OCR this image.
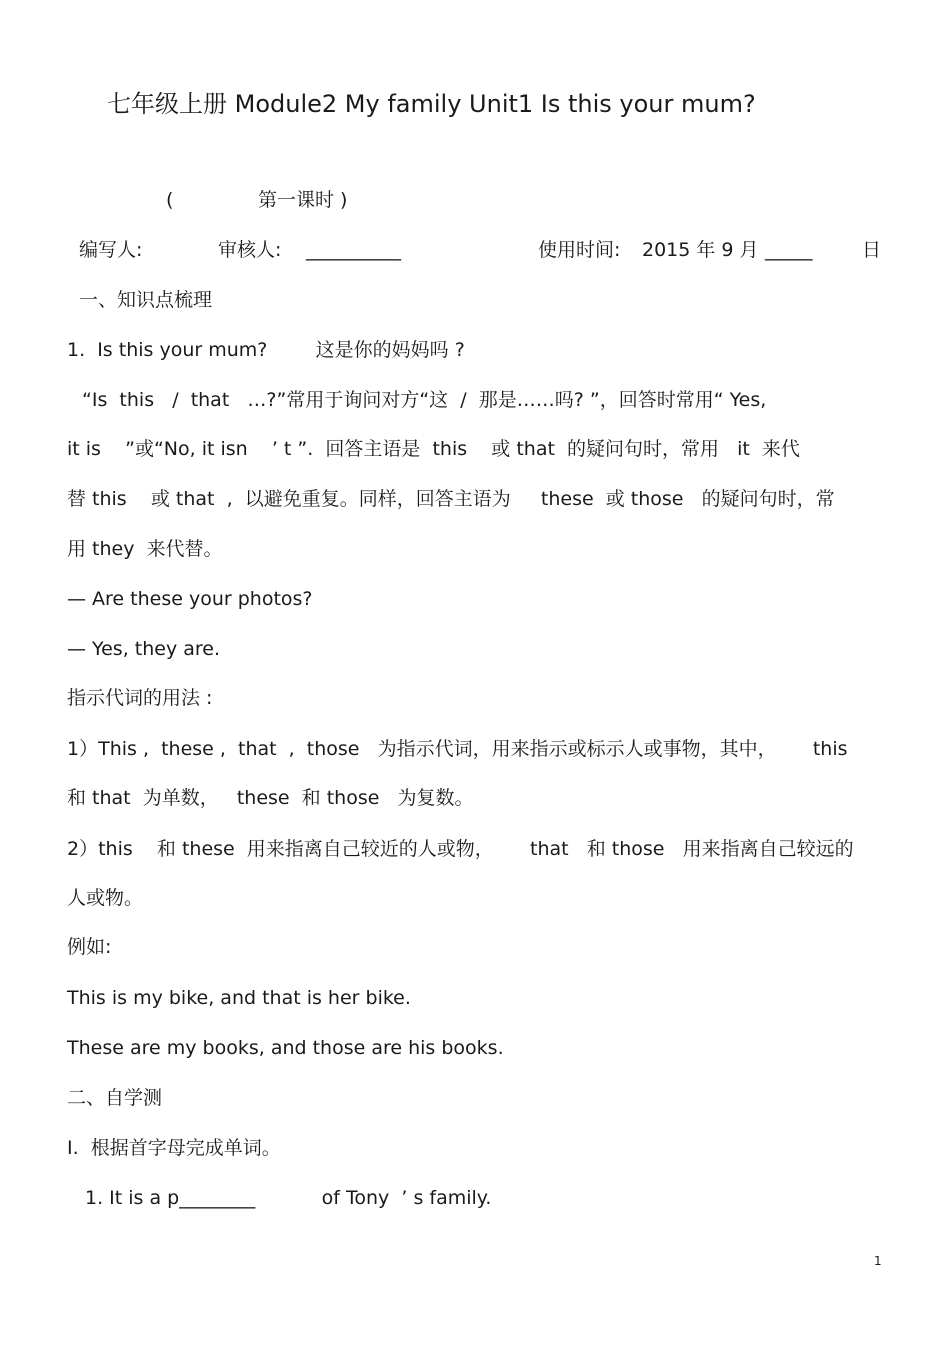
七年级上册 Module2 My family Unit1 Is this your mum?
(	第一课时 )
编写人:	审核人: __________	使用时间: 2015 年 9 月 _____	日
一、知识点梳理
1.  Is this your mum?        这是你的妈妈吗 ?
“Is  this   /  that   …?”常用于询问对方“这  /  那是……吗? ”，回答时常用“ Yes,
it is    ”或“No, it isn    ’ t ”.  回答主语是  this    或 that  的疑问句时，常用   it  来代
替 this    或 that  ,  以避免重复。同样，回答主语为     these  或 those   的疑问句时，常
用 they  来代替。
— Are these your photos?
— Yes, they are.
指示代词的用法 :
1）This ,  these ,  that  ,  those   为指示代词，用来指示或标示人或事物，其中，      this
和 that  为单数，   these  和 those   为复数。
2）this    和 these  用来指离自己较近的人或物，      that   和 those   用来指离自己较远的
人或物。
例如:
This is my bike, and that is her bike.
These are my books, and those are his books.
二、自学测
I.  根据首字母完成单词。
1. It is a p________           of Tony  ’ s family.
1
